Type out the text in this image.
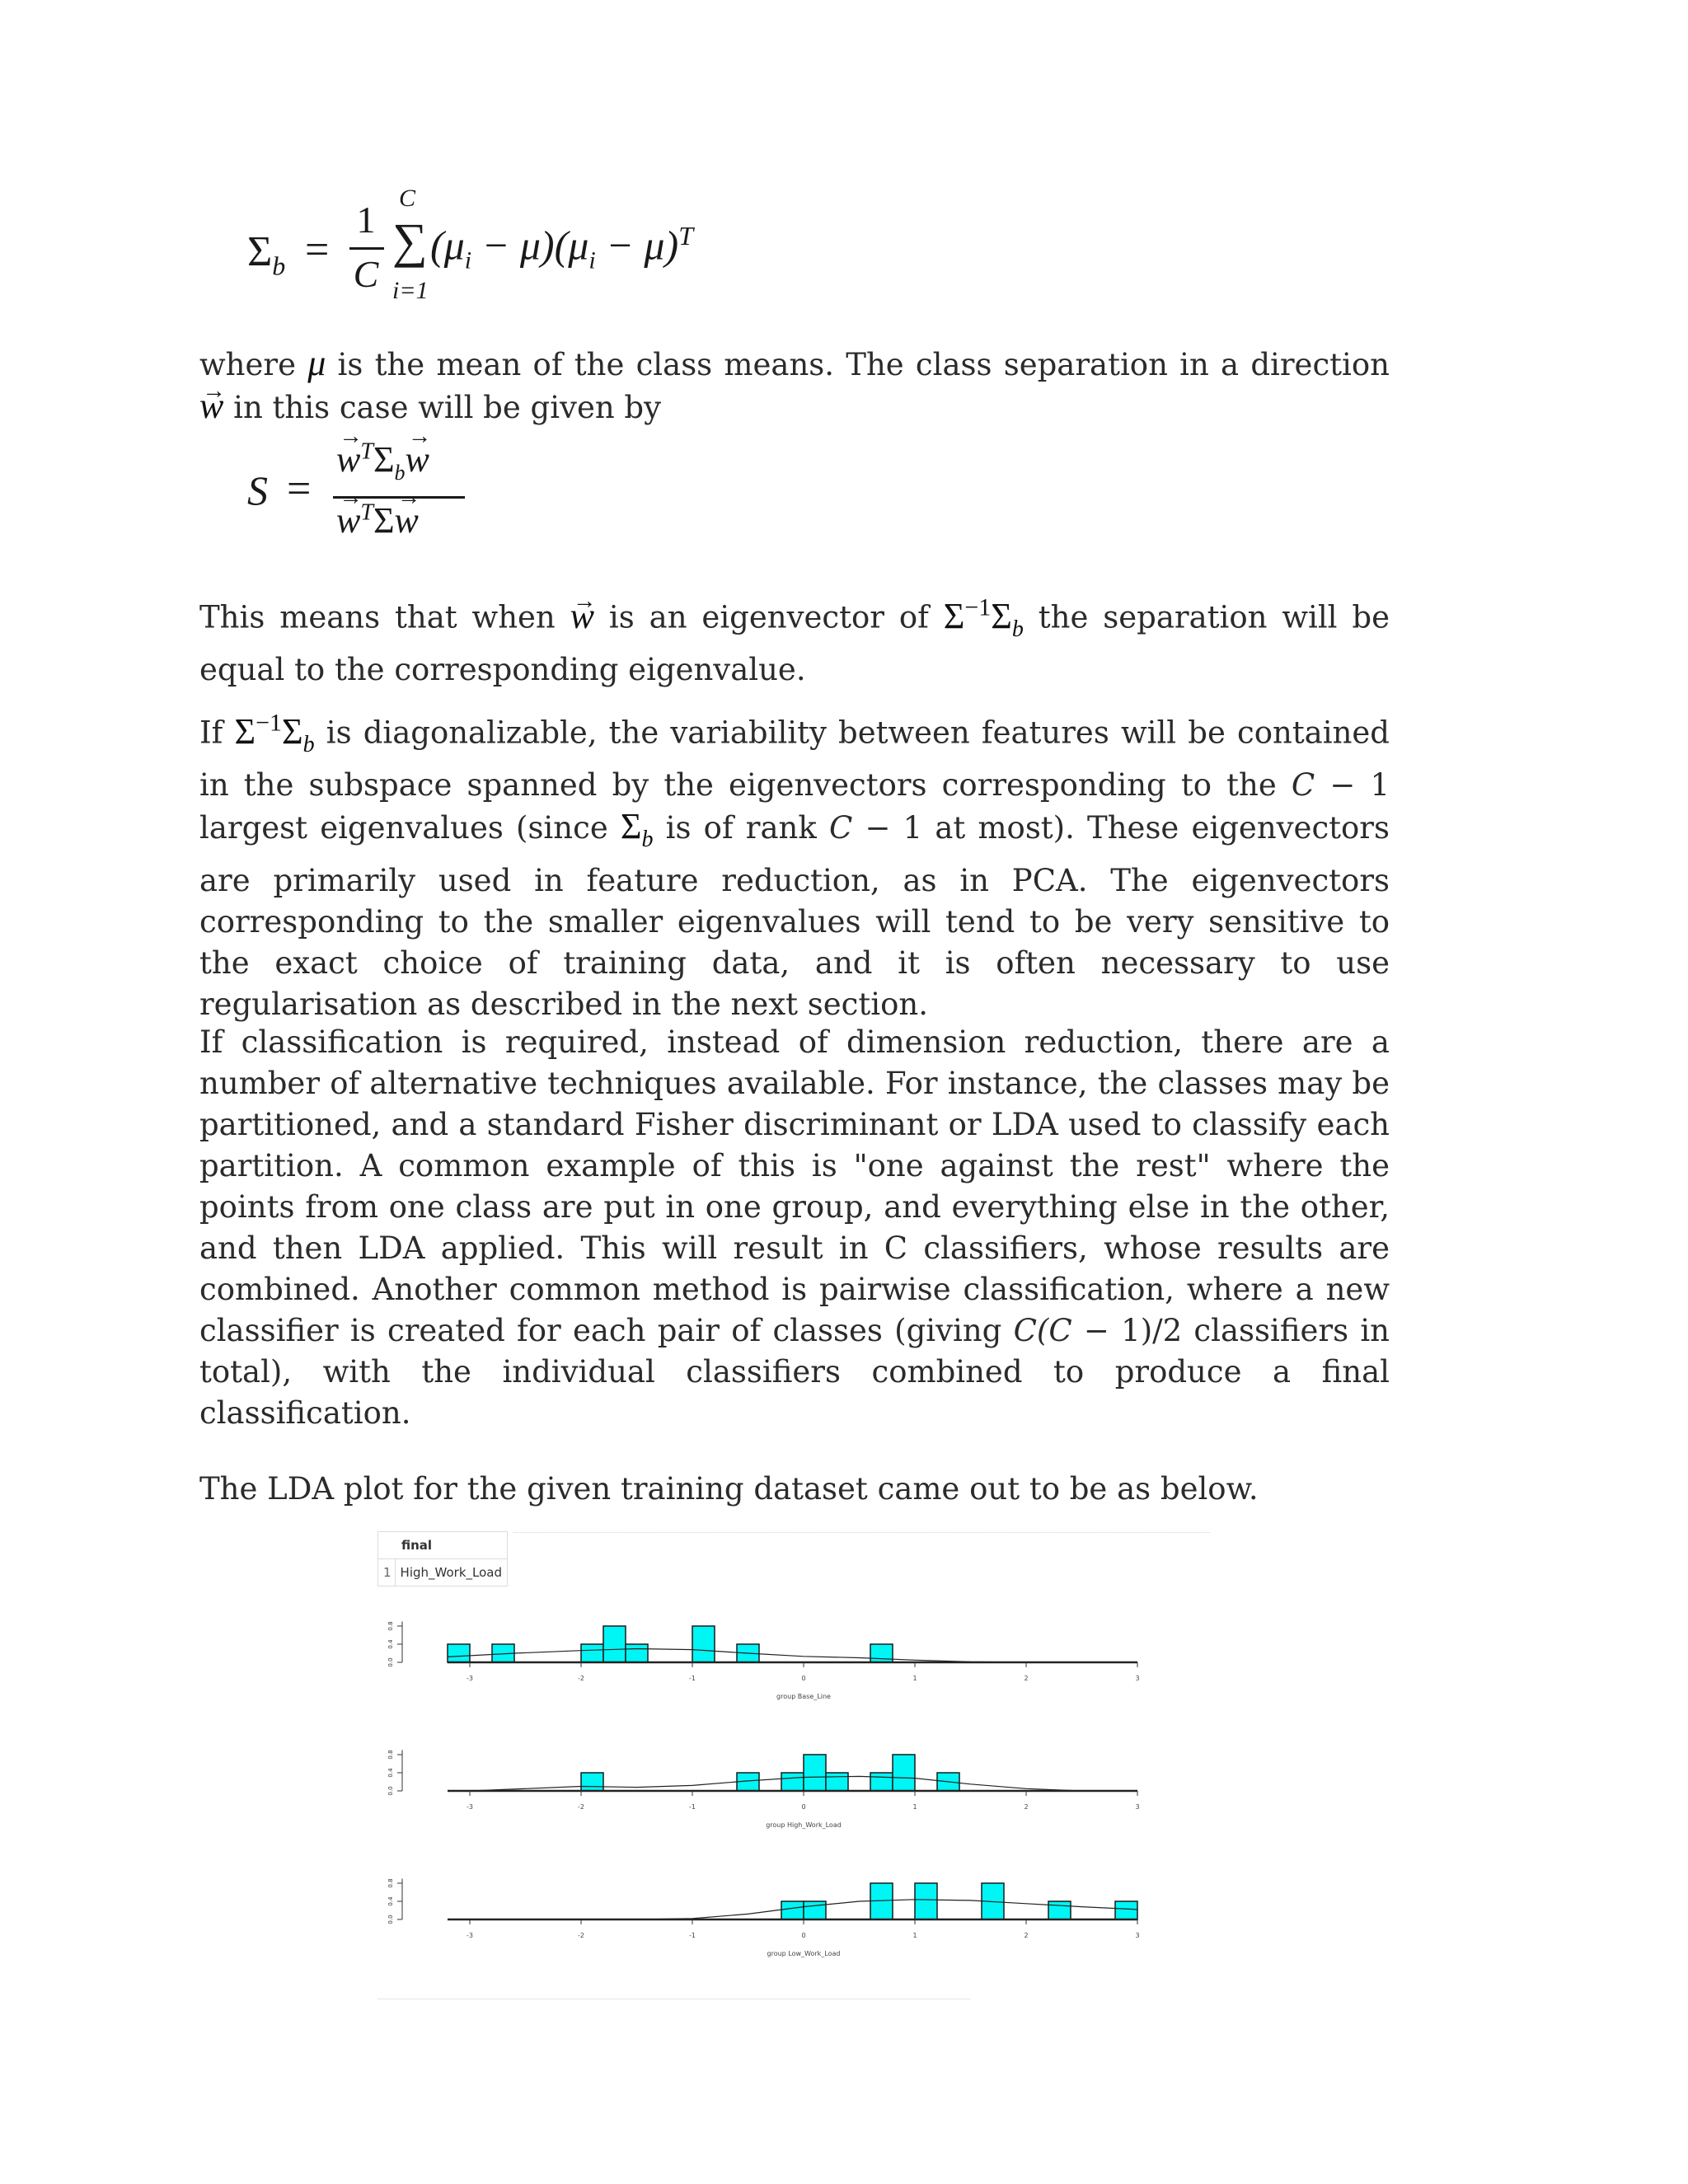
$\Sigma_b$ =
1
C
C
∑
i=1
$(\mu_i - \mu)(\mu_i - \mu)^T$

where μ is the mean of the class means. The class separation in a direction w → in this case will be given by

S =
$w \to^T\Sigma_bw$ →
w →$^T$Σw →

This means that when w → is an eigenvector of $\Sigma^{-1}\Sigma_b$ the separation will be equal to the corresponding eigenvalue.

If $\Sigma^{-1}\Sigma_b$ is diagonalizable, the variability between features will be contained in the subspace spanned by the eigenvectors corresponding to the C − 1 largest eigenvalues (since $\Sigma_b$ is of rank C − 1 at most). These eigenvectors are primarily used in feature reduction, as in PCA. The eigenvectors corresponding to the smaller eigenvalues will tend to be very sensitive to the exact choice of training data, and it is often necessary to use regularisation as described in the next section.

If classification is required, instead of dimension reduction, there are a number of alternative techniques available. For instance, the classes may be partitioned, and a standard Fisher discriminant or LDA used to classify each partition. A common example of this is "one against the rest" where the points from one class are put in one group, and everything else in the other, and then LDA applied. This will result in C classifiers, whose results are combined. Another common method is pairwise classification, where a new classifier is created for each pair of classes (giving C(C − 1)/2 classifiers in total), with the individual classifiers combined to produce a final classification.

The LDA plot for the given training dataset came out to be as below.

final
1	High_Work_Load
0.0
0.4
0.8
-3	-2	-1	0	1	2	3
group Base_Line
0.0
0.4
0.8
-3	-2	-1	0	1	2	3
group High_Work_Load
0.0
0.4
0.8
-3	-2	-1	0	1	2	3
group Low_Work_Load
